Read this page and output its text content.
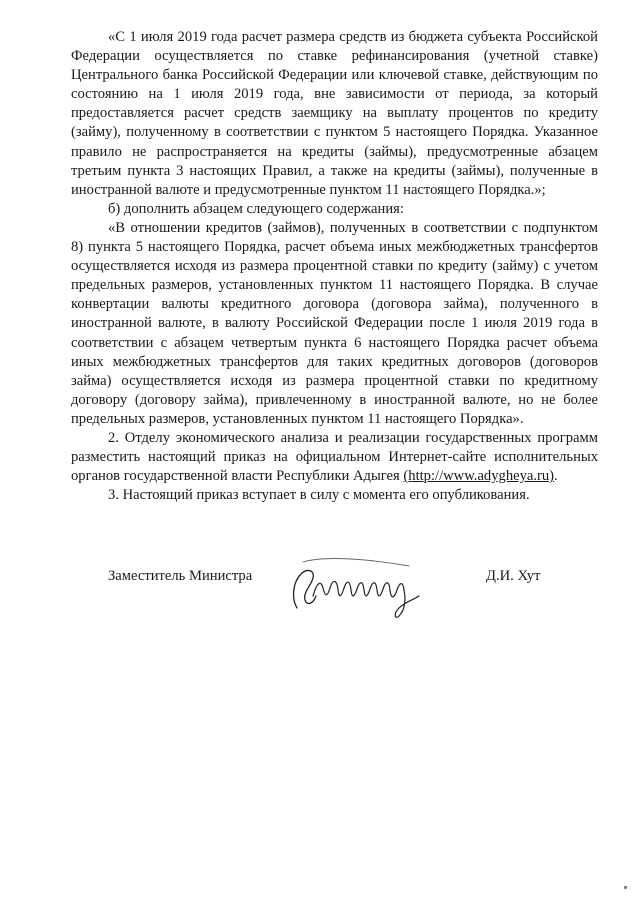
«С 1 июля 2019 года расчет размера средств из бюджета субъекта Российской Федерации осуществляется по ставке рефинансирования (учетной ставке) Центрального банка Российской Федерации или ключевой ставке, действующим по состоянию на 1 июля 2019 года, вне зависимости от периода, за который предоставляется расчет средств заемщику на выплату процентов по кредиту (займу), полученному в соответствии с пунктом 5 настоящего Порядка. Указанное правило не распространяется на кредиты (займы), предусмотренные абзацем третьим пункта 3 настоящих Правил, а также на кредиты (займы), полученные в иностранной валюте и предусмотренные пунктом 11 настоящего Порядка.»;

б) дополнить абзацем следующего содержания:

«В отношении кредитов (займов), полученных в соответствии с подпунктом 8) пункта 5 настоящего Порядка, расчет объема иных межбюджетных трансфертов осуществляется исходя из размера процентной ставки по кредиту (займу) с учетом предельных размеров, установленных пунктом 11 настоящего Порядка. В случае конвертации валюты кредитного договора (договора займа), полученного в иностранной валюте, в валюту Российской Федерации после 1 июля 2019 года в соответствии с абзацем четвертым пункта 6 настоящего Порядка расчет объема иных межбюджетных трансфертов для таких кредитных договоров (договоров займа) осуществляется исходя из размера процентной ставки по кредитному договору (договору займа), привлеченному в иностранной валюте, но не более предельных размеров, установленных пунктом 11 настоящего Порядка».

2. Отделу экономического анализа и реализации государственных программ разместить настоящий приказ на официальном Интернет-сайте исполнительных органов государственной власти Республики Адыгея (http://www.adygheya.ru).

3. Настоящий приказ вступает в силу с момента его опубликования.

Заместитель Министра	Д.И. Хут
